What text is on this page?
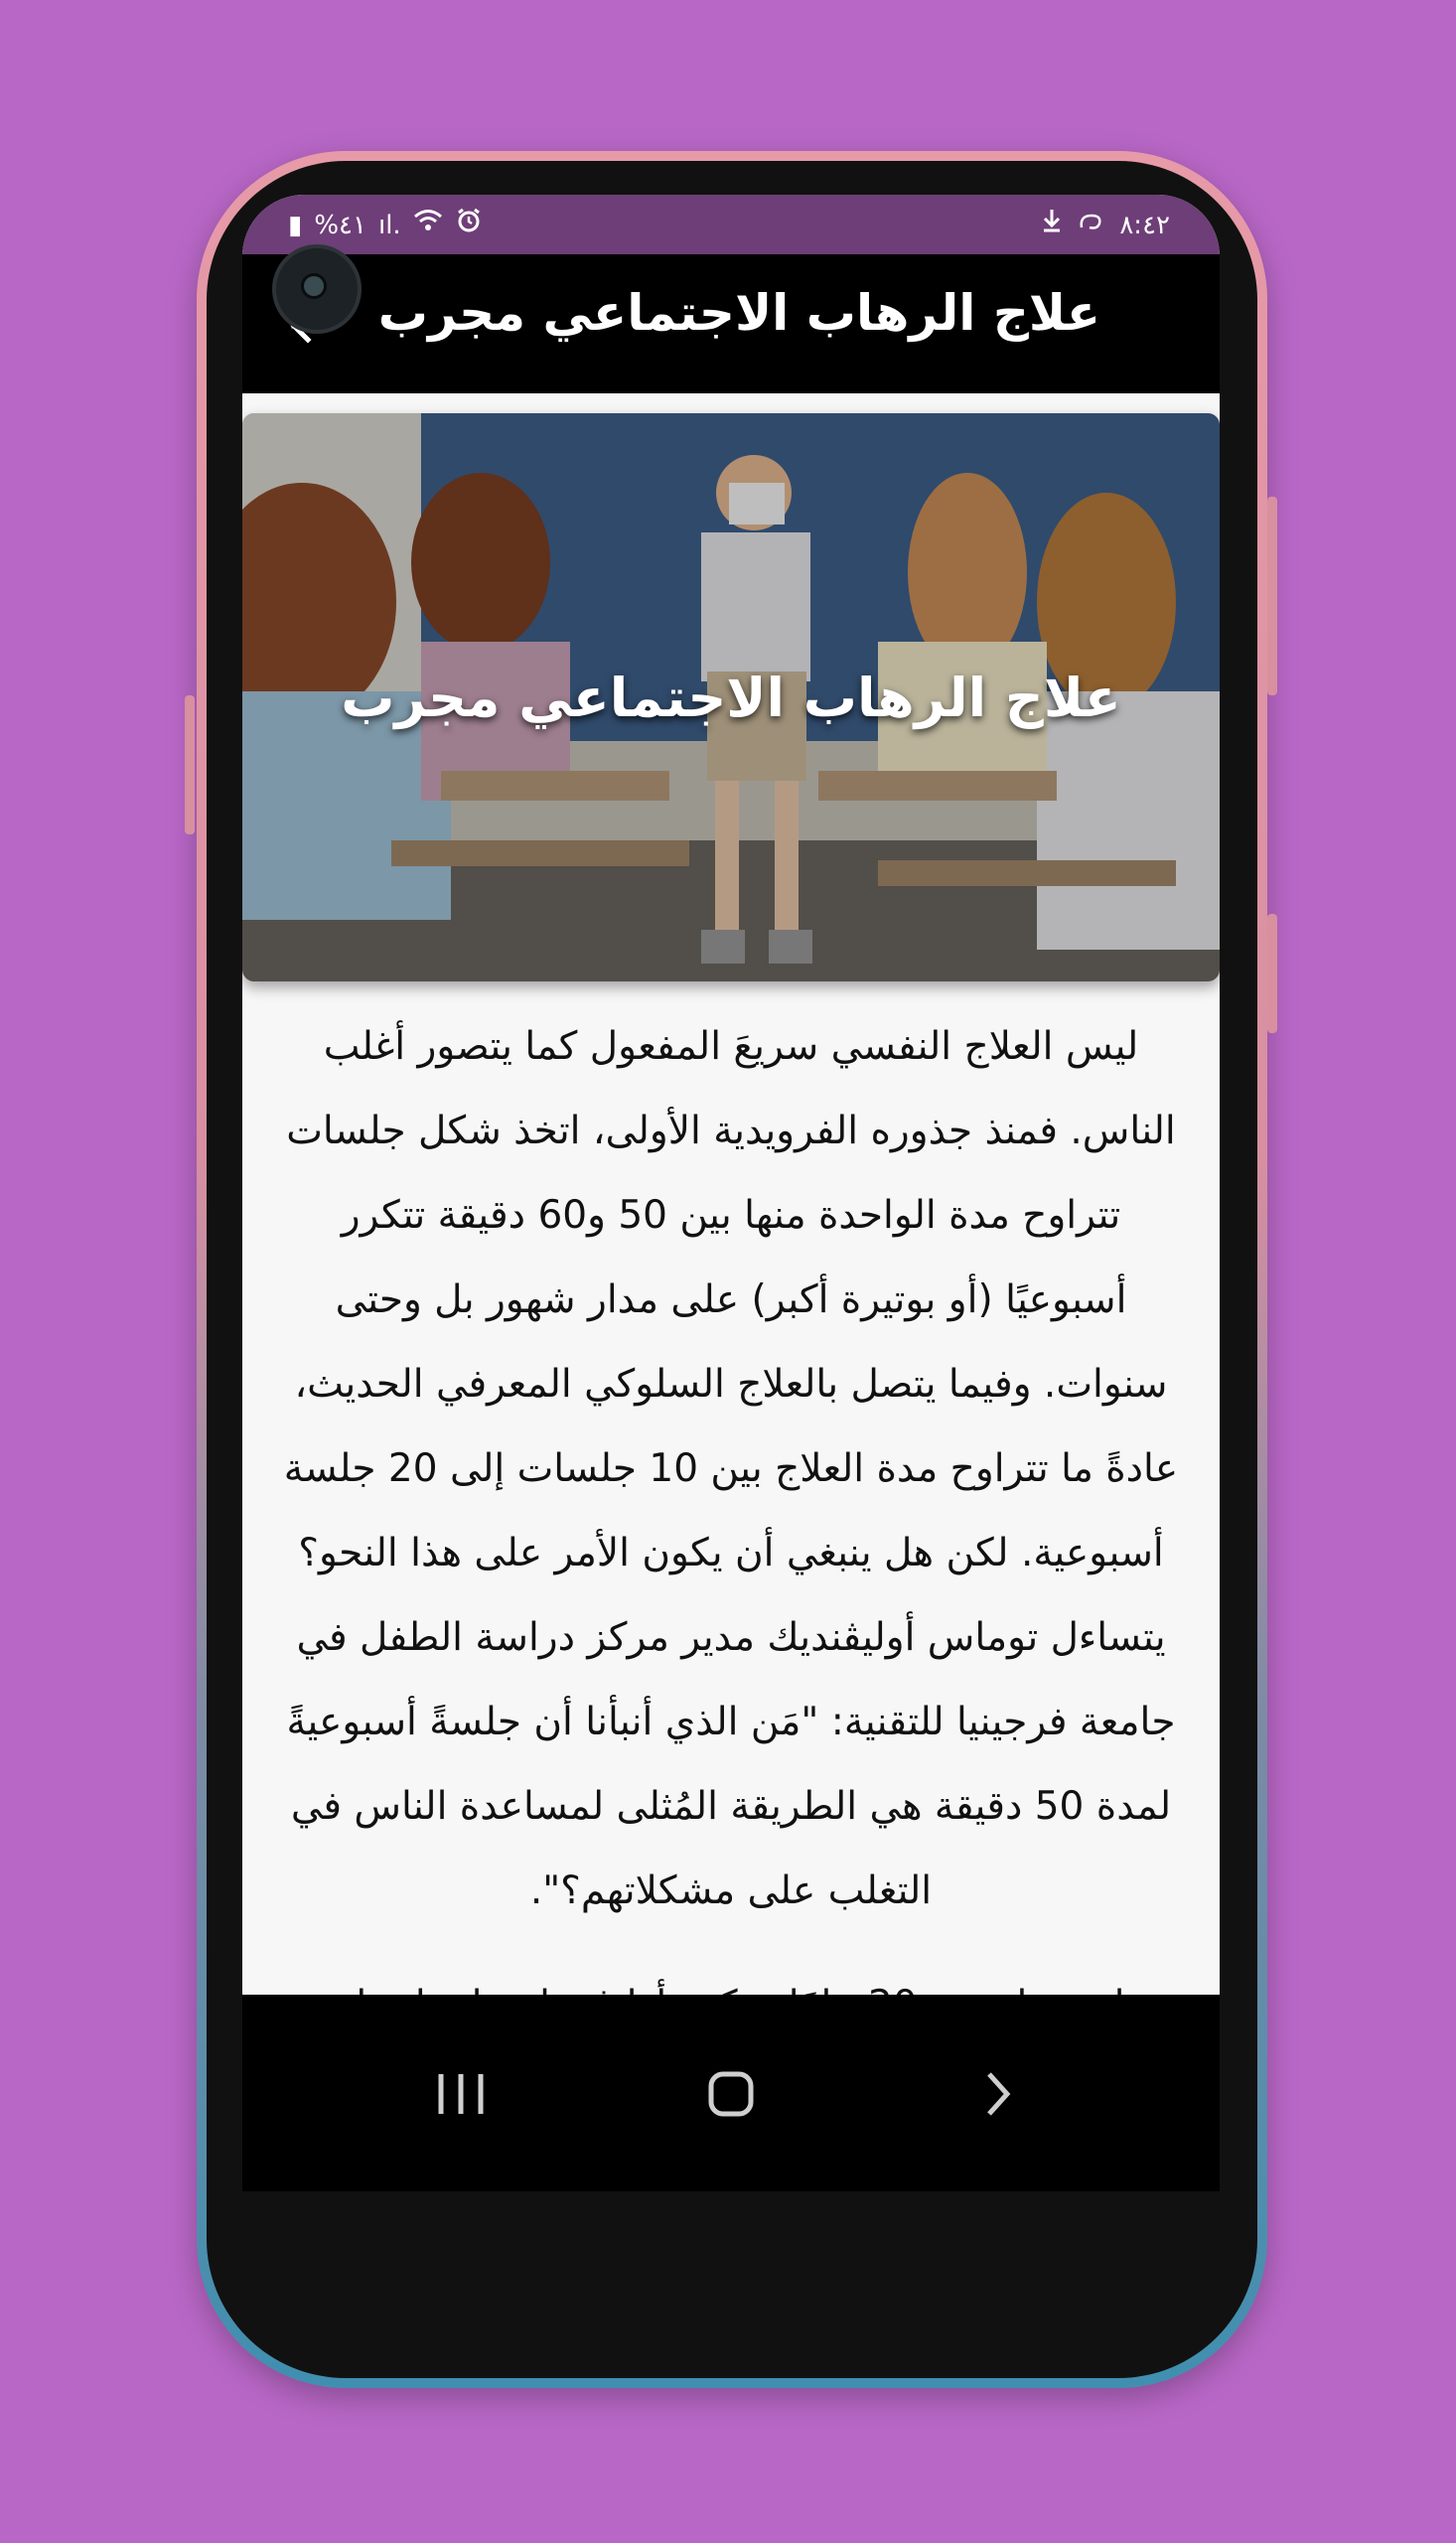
▮ %٤١ ıl.	٨:٤٢
علاج الرهاب الاجتماعي مجرب
علاج الرهاب الاجتماعي مجرب

ليس العلاج النفسي سريعَ المفعول كما يتصور أغلب الناس. فمنذ جذوره الفرويدية الأولى، اتخذ شكل جلسات تتراوح مدة الواحدة منها بين 50 و60 دقيقة تتكرر أسبوعيًا (أو بوتيرة أكبر) على مدار شهور بل وحتى سنوات. وفيما يتصل بالعلاج السلوكي المعرفي الحديث، عادةً ما تتراوح مدة العلاج بين 10 جلسات إلى 20 جلسة أسبوعية. لكن هل ينبغي أن يكون الأمر على هذا النحو؟ يتساءل توماس أوليڤنديك مدير مركز دراسة الطفل في جامعة فرجينيا للتقنية: "مَن الذي أنبأنا أن جلسةً أسبوعيةً لمدة 50 دقيقة هي الطريقة المُثلى لمساعدة الناس في التغلب على مشكلاتهم؟".
